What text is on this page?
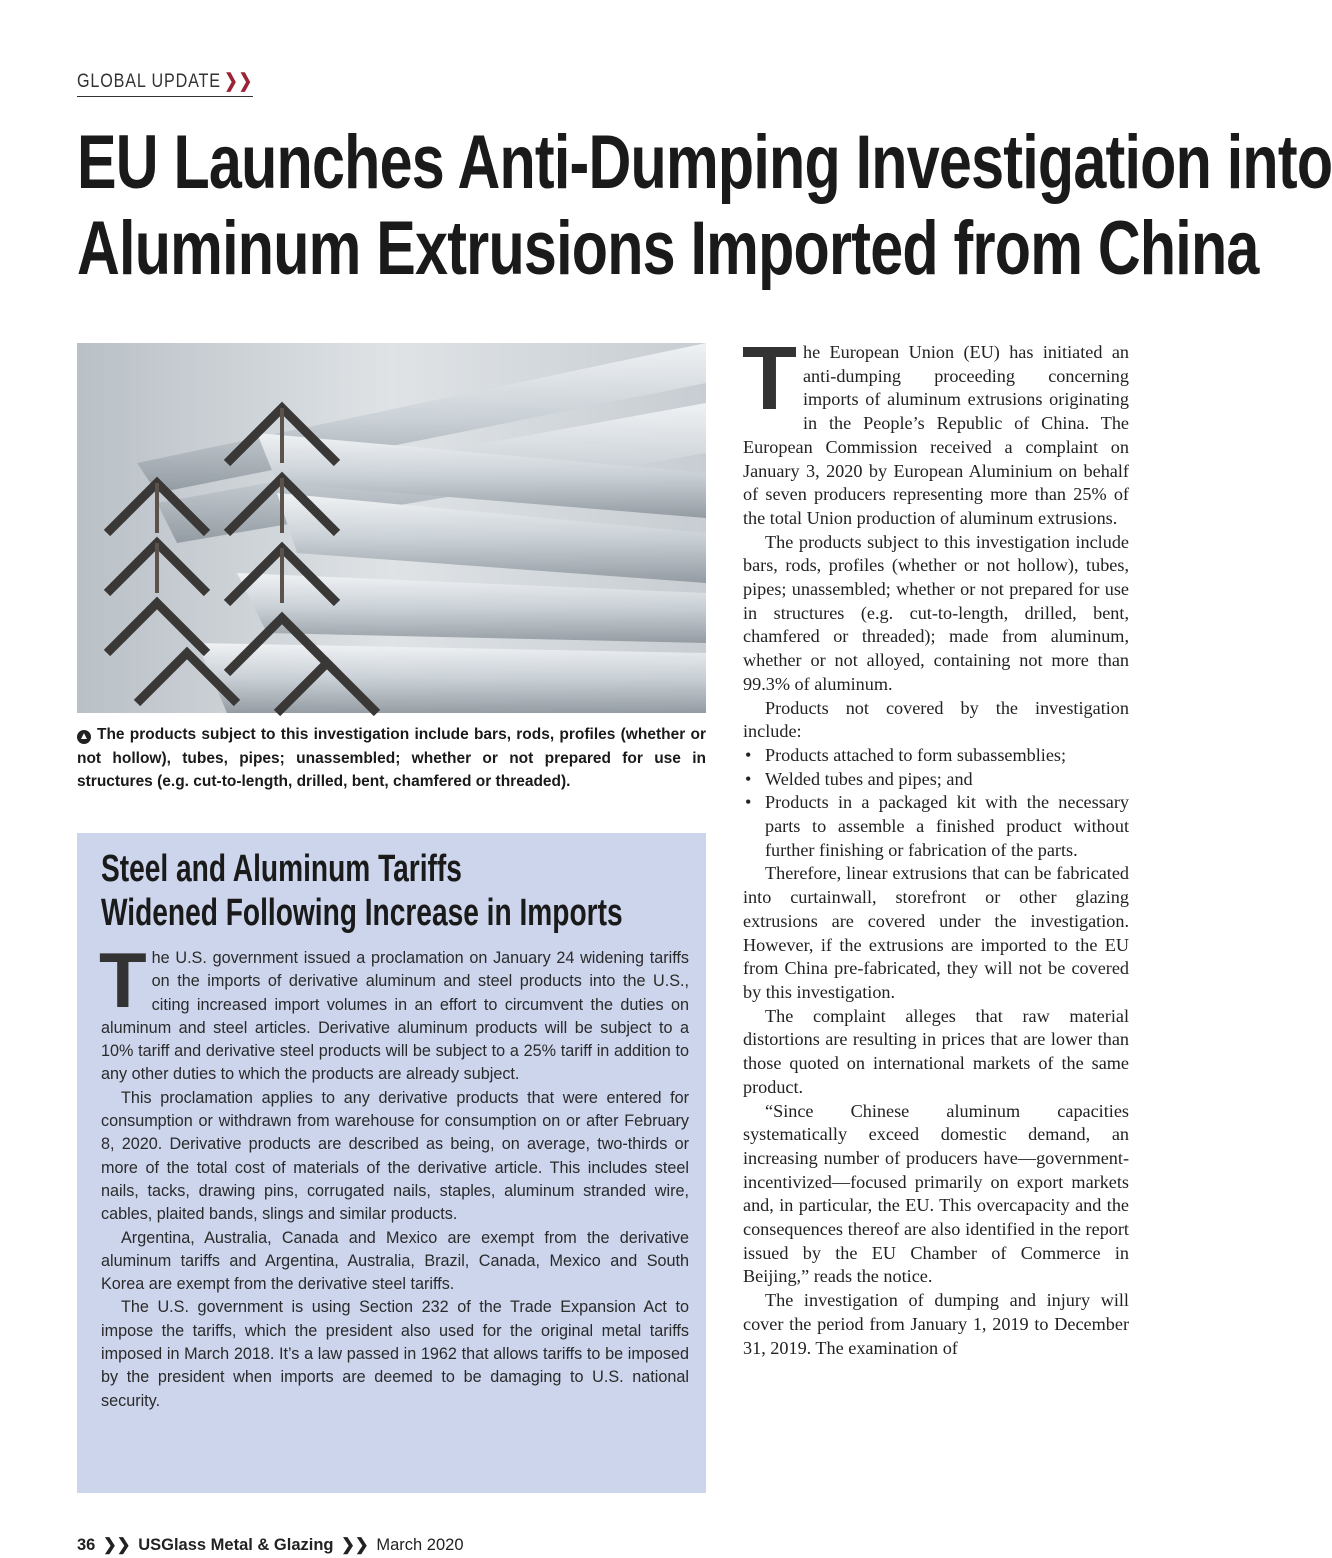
GLOBAL UPDATE ❯❯
EU Launches Anti-Dumping Investigation into
Aluminum Extrusions Imported from China
▲ The products subject to this investigation include bars, rods, profiles (whether or not hollow), tubes, pipes; unassembled; whether or not prepared for use in structures (e.g. cut-to-length, drilled, bent, chamfered or threaded).
Steel and Aluminum Tariffs
Widened Following Increase in Imports

The U.S. government issued a proclamation on January 24 widening tariffs on the imports of derivative aluminum and steel products into the U.S., citing increased import volumes in an effort to circumvent the duties on aluminum and steel articles. Derivative aluminum products will be subject to a 10% tariff and derivative steel products will be subject to a 25% tariff in addition to any other duties to which the products are already subject.

This proclamation applies to any derivative products that were entered for consumption or withdrawn from warehouse for consumption on or after February 8, 2020. Derivative products are described as being, on average, two-thirds or more of the total cost of materials of the derivative article. This includes steel nails, tacks, drawing pins, corrugated nails, staples, aluminum stranded wire, cables, plaited bands, slings and similar products.

Argentina, Australia, Canada and Mexico are exempt from the derivative aluminum tariffs and Argentina, Australia, Brazil, Canada, Mexico and South Korea are exempt from the derivative steel tariffs.

The U.S. government is using Section 232 of the Trade Expansion Act to impose the tariffs, which the president also used for the original metal tariffs imposed in March 2018. It’s a law passed in 1962 that allows tariffs to be imposed by the president when imports are deemed to be damaging to U.S. national security.

The European Union (EU) has initiated an anti-dumping proceeding concerning imports of aluminum extrusions originating in the People’s Republic of China. The European Commission received a complaint on January 3, 2020 by European Aluminium on behalf of seven producers representing more than 25% of the total Union production of aluminum extrusions.

The products subject to this investigation include bars, rods, profiles (whether or not hollow), tubes, pipes; unassembled; whether or not prepared for use in structures (e.g. cut-to-length, drilled, bent, chamfered or threaded); made from aluminum, whether or not alloyed, containing not more than 99.3% of aluminum.

Products not covered by the investigation include:

• Products attached to form subassemblies;
• Welded tubes and pipes; and
• Products in a packaged kit with the necessary parts to assemble a finished product without further finishing or fabrication of the parts.

Therefore, linear extrusions that can be fabricated into curtainwall, storefront or other glazing extrusions are covered under the investigation. However, if the extrusions are imported to the EU from China pre-fabricated, they will not be covered by this investigation.

The complaint alleges that raw material distortions are resulting in prices that are lower than those quoted on international markets of the same product.

“Since Chinese aluminum capacities systematically exceed domestic demand, an increasing number of producers have—government-incentivized—focused primarily on export markets and, in particular, the EU. This overcapacity and the consequences thereof are also identified in the report issued by the EU Chamber of Commerce in Beijing,” reads the notice.

The investigation of dumping and injury will cover the period from January 1, 2019 to December 31, 2019. The examination of

36 ❯❯ USGlass Metal & Glazing ❯❯ March 2020
